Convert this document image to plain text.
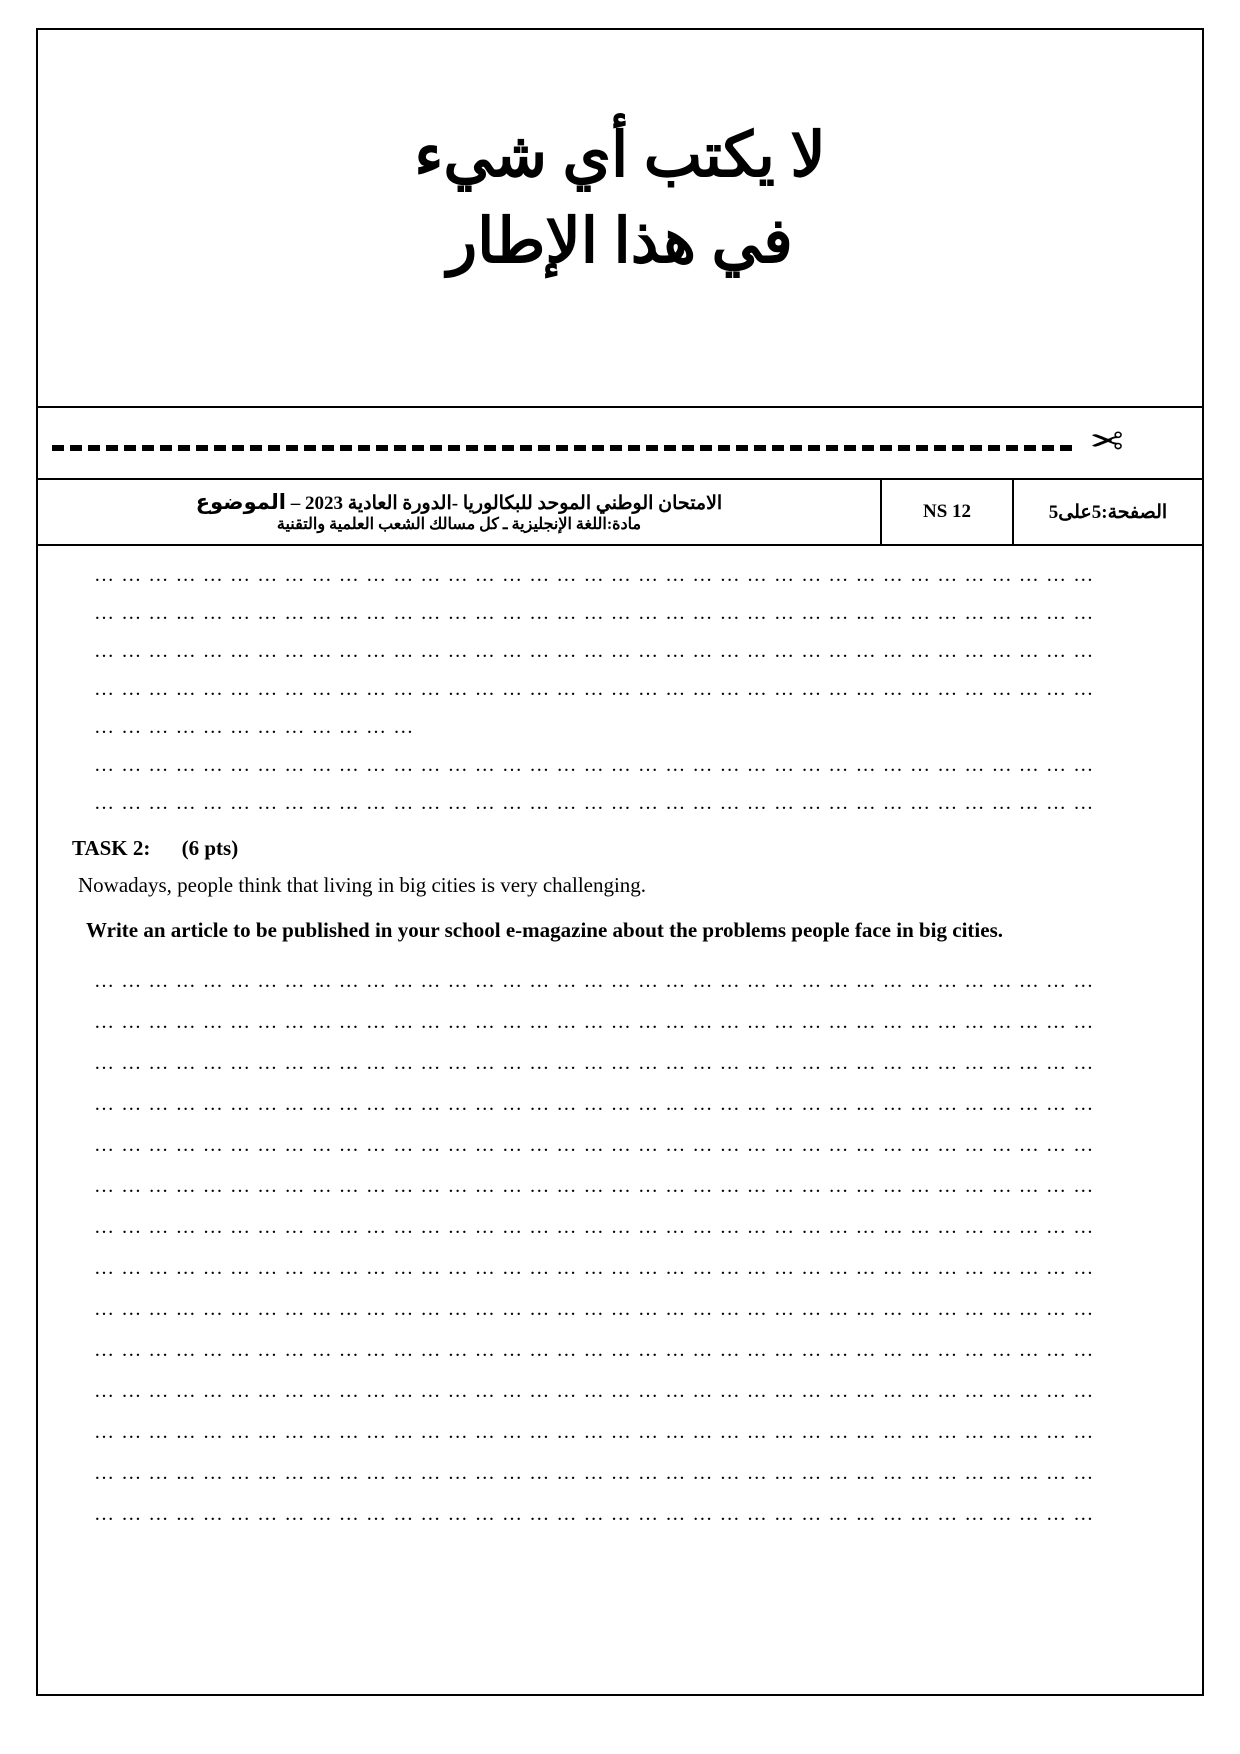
لا يكتب أي شيء
في هذا الإطار
✂
الصفحة:5على5
NS 12
الامتحان الوطني الموحد للبكالوريا -الدورة العادية 2023 – الموضوع
مادة:اللغة الإنجليزية ـ كل مسالك الشعب العلمية والتقنية
…………………………………………………………………………………………………
…………………………………………………………………………………………………
…………………………………………………………………………………………………
…………………………………………………………………………………………………
………………………………
…………………………………………………………………………………………………
…………………………………………………………………………………………………
TASK 2: (6 pts)
Nowadays, people think that living in big cities is very challenging.
Write an article to be published in your school e-magazine about the problems people face in big cities.
…………………………………………………………………………………………………
…………………………………………………………………………………………………
…………………………………………………………………………………………………
…………………………………………………………………………………………………
…………………………………………………………………………………………………
…………………………………………………………………………………………………
…………………………………………………………………………………………………
…………………………………………………………………………………………………
…………………………………………………………………………………………………
…………………………………………………………………………………………………
…………………………………………………………………………………………………
…………………………………………………………………………………………………
…………………………………………………………………………………………………
…………………………………………………………………………………………………
